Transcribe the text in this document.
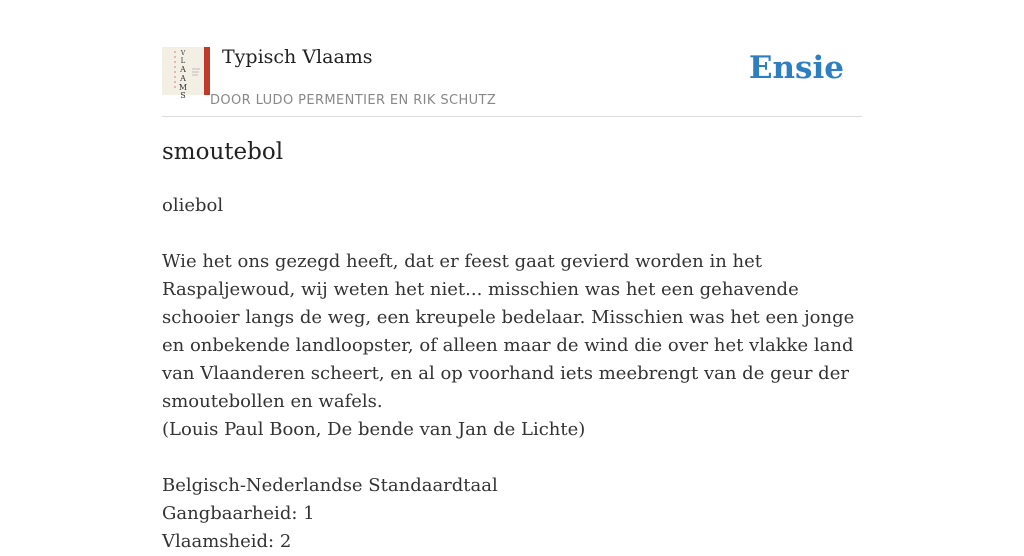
V
L
A
A
M
S
Typisch Vlaams
DOOR LUDO PERMENTIER EN RIK SCHUTZ
Ensie
smoutebol

oliebol

Wie het ons gezegd heeft, dat er feest gaat gevierd worden in het Raspaljewoud, wij weten het niet... misschien was het een gehavende schooier langs de weg, een kreupele bedelaar. Misschien was het een jonge en onbekende landloopster, of alleen maar de wind die over het vlakke land van Vlaanderen scheert, en al op voorhand iets meebrengt van de geur der smoutebollen en wafels.

(Louis Paul Boon, De bende van Jan de Lichte)

Belgisch-Nederlandse Standaardtaal

Gangbaarheid: 1

Vlaamsheid: 2
